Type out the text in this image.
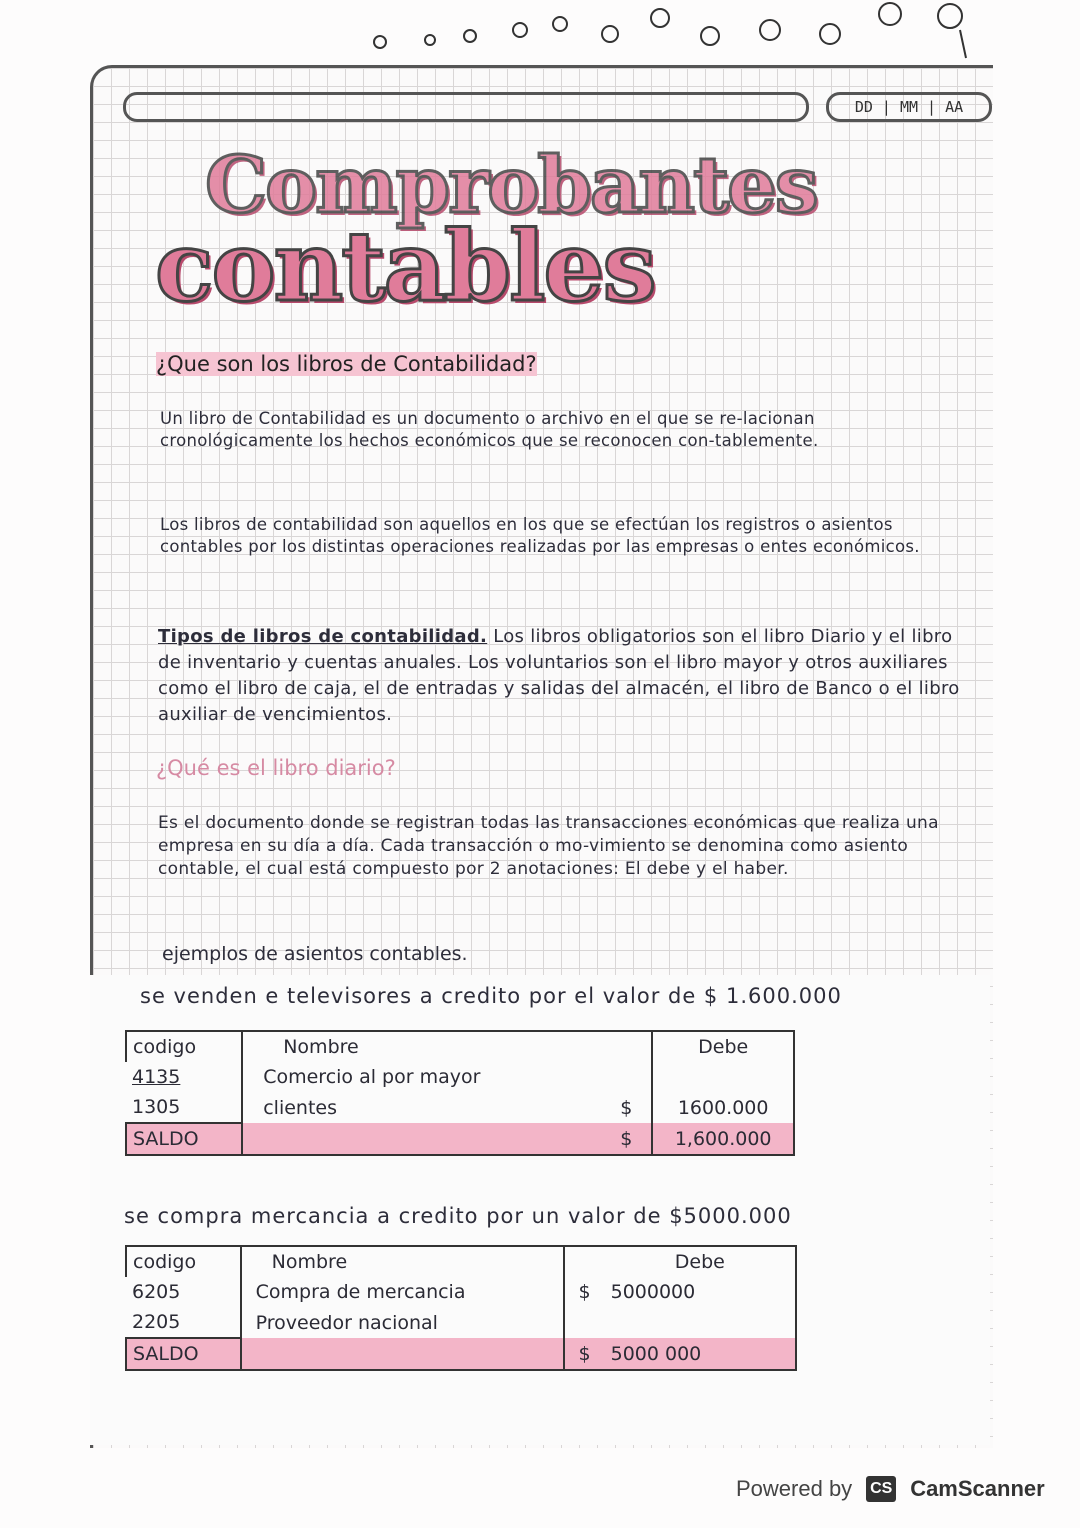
DD | MM | AA
Comprobantes
contables
¿Que son los libros de Contabilidad?
Un libro de Contabilidad es un documento o archivo en el que se re-lacionan cronológicamente los hechos económicos que se reconocen con-tablemente.
Los libros de contabilidad son aquellos en los que se efectúan los registros o asientos contables por los distintas operaciones realizadas por las empresas o entes económicos.
Tipos de libros de contabilidad. Los libros obligatorios son el libro Diario y el libro de inventario y cuentas anuales. Los voluntarios son el libro mayor y otros auxiliares como el libro de caja, el de entradas y salidas del almacén, el libro de Banco o el libro auxiliar de vencimientos.
¿Qué es el libro diario?
Es el documento donde se registran todas las transacciones económicas que realiza una empresa en su día a día. Cada transacción o mo-vimiento se denomina como asiento contable, el cual está compuesto por 2 anotaciones: El debe y el haber.
ejemplos de asientos contables.
se venden e televisores a credito por el valor de $ 1.600.000
codigo	Nombre		Debe
4135	Comercio al por mayor		
1305	clientes	$	1600.000
SALDO		$	1,600.000
se compra mercancia a credito por un valor de $5000.000
codigo	Nombre		Debe
6205	Compra de mercancia	$	5000000
2205	Proveedor nacional		
SALDO		$	5000 000
Powered by CS CamScanner
